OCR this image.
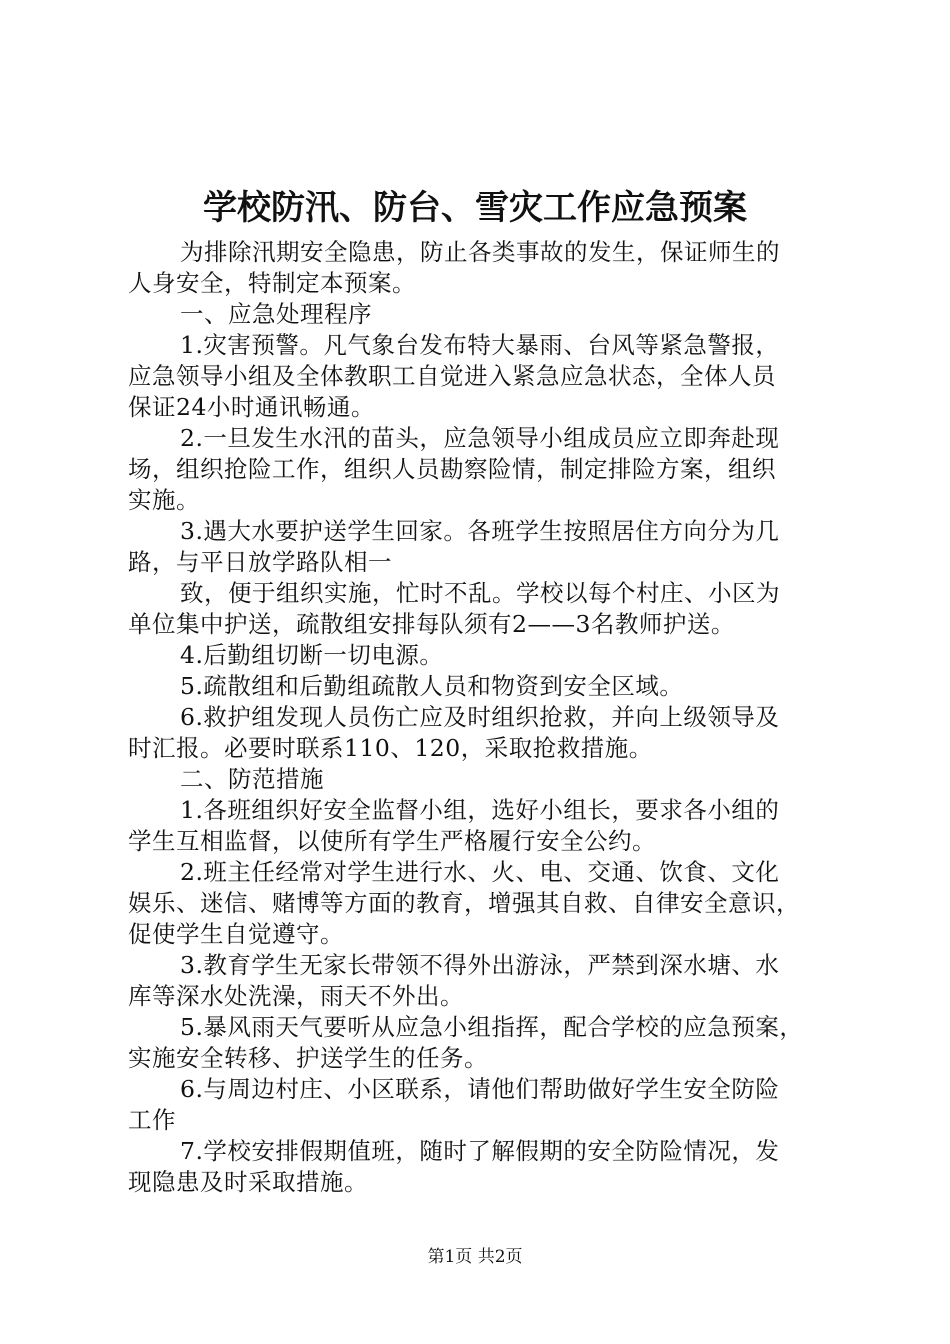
学校防汛、防台、雪灾工作应急预案
为排除汛期安全隐患，防止各类事故的发生，保证师生的
人身安全，特制定本预案。
一、应急处理程序
1.灾害预警。凡气象台发布特大暴雨、台风等紧急警报，
应急领导小组及全体教职工自觉进入紧急应急状态，全体人员
保证24小时通讯畅通。
2.一旦发生水汛的苗头，应急领导小组成员应立即奔赴现
场，组织抢险工作，组织人员勘察险情，制定排险方案，组织
实施。
3.遇大水要护送学生回家。各班学生按照居住方向分为几
路，与平日放学路队相一
致，便于组织实施，忙时不乱。学校以每个村庄、小区为
单位集中护送，疏散组安排每队须有2——3名教师护送。
4.后勤组切断一切电源。
5.疏散组和后勤组疏散人员和物资到安全区域。
6.救护组发现人员伤亡应及时组织抢救，并向上级领导及
时汇报。必要时联系110、120，采取抢救措施。
二、防范措施
1.各班组织好安全监督小组，选好小组长，要求各小组的
学生互相监督，以使所有学生严格履行安全公约。
2.班主任经常对学生进行水、火、电、交通、饮食、文化
娱乐、迷信、赌博等方面的教育，增强其自救、自律安全意识，
促使学生自觉遵守。
3.教育学生无家长带领不得外出游泳，严禁到深水塘、水
库等深水处洗澡，雨天不外出。
5.暴风雨天气要听从应急小组指挥，配合学校的应急预案，
实施安全转移、护送学生的任务。
6.与周边村庄、小区联系，请他们帮助做好学生安全防险
工作
7.学校安排假期值班，随时了解假期的安全防险情况，发
现隐患及时采取措施。
第1页 共2页
